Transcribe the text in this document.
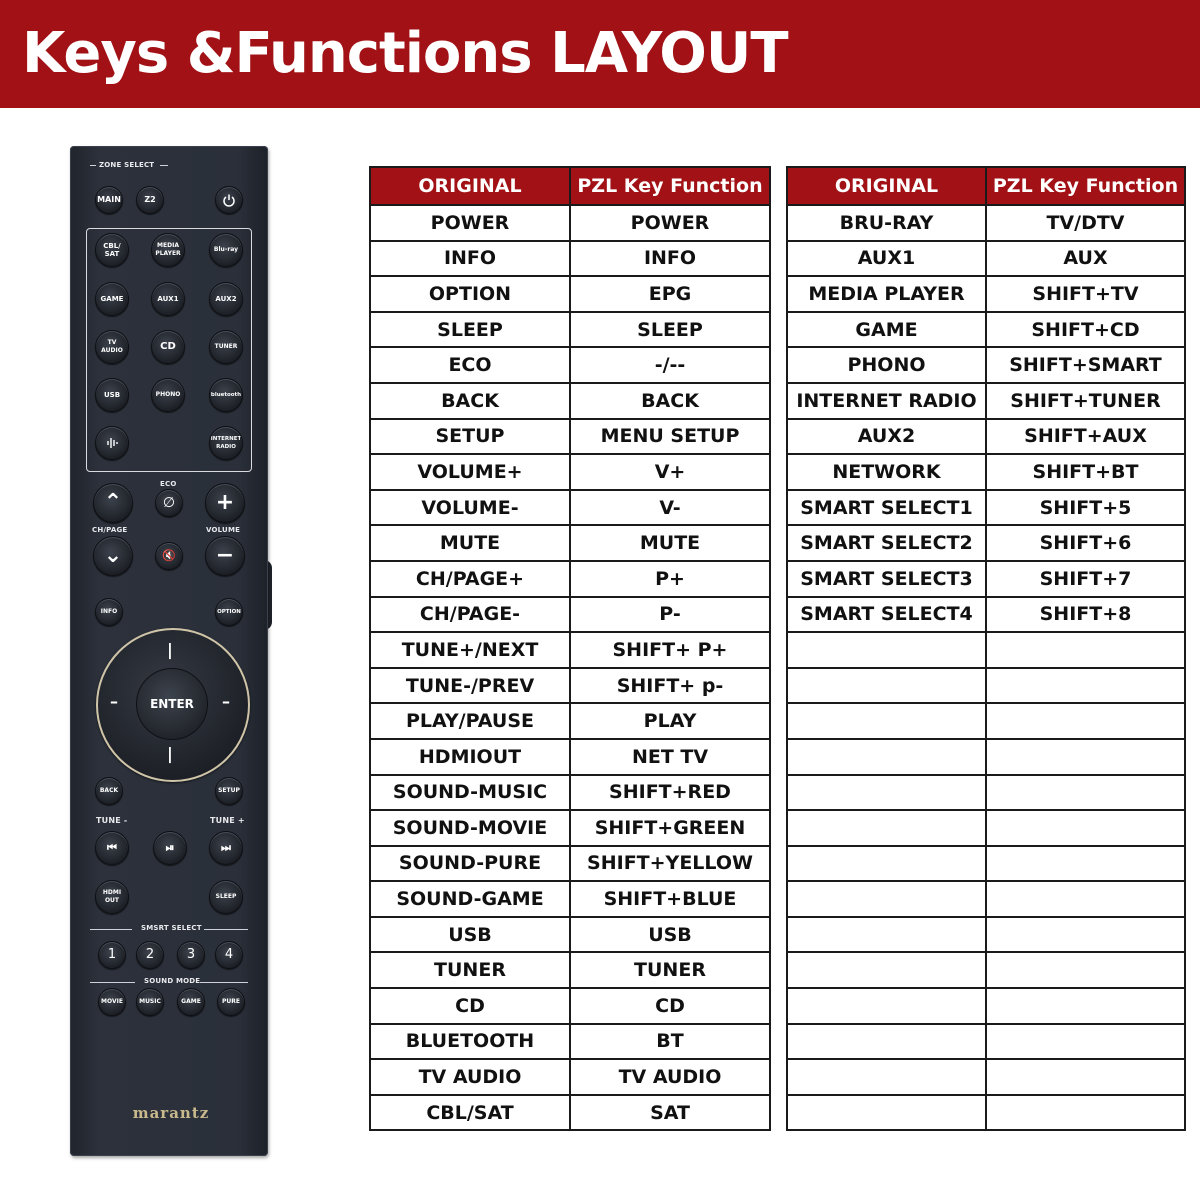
Keys &Functions LAYOUT
ZONE SELECT
MAIN	Z2
CBL/ SAT
MEDIA PLAYER
Blu-ray
GAME	AUX1	AUX2
TV AUDIO	CD	TUNER
USB	PHONO	bluetooth
INTERNET RADIO
ECO
⌃	∅ +
CH/PAGE	VOLUME
⌄	🔇 −
INFO	OPTION
|
|
–	–
ENTER
BACK	SETUP
TUNE -	TUNE +
⏮	⏯	⏭
HDMI OUT
SLEEP
SMSRT SELECT
1	2	3	4
SOUND MODE
MOVIE	MUSIC	GAME	PURE
marantz
ORIGINAL	PZL Key Function
POWER	POWER
INFO	INFO
OPTION	EPG
SLEEP	SLEEP
ECO	-/--
BACK	BACK
SETUP	MENU SETUP
VOLUME+	V+
VOLUME-	V-
MUTE	MUTE
CH/PAGE+	P+
CH/PAGE-	P-
TUNE+/NEXT	SHIFT+ P+
TUNE-/PREV	SHIFT+ p-
PLAY/PAUSE	PLAY
HDMIOUT	NET TV
SOUND-MUSIC	SHIFT+RED
SOUND-MOVIE	SHIFT+GREEN
SOUND-PURE	SHIFT+YELLOW
SOUND-GAME	SHIFT+BLUE
USB	USB
TUNER	TUNER
CD	CD
BLUETOOTH	BT
TV AUDIO	TV AUDIO
CBL/SAT	SAT
ORIGINAL	PZL Key Function
BRU-RAY	TV/DTV
AUX1	AUX
MEDIA PLAYER	SHIFT+TV
GAME	SHIFT+CD
PHONO	SHIFT+SMART
INTERNET RADIO	SHIFT+TUNER
AUX2	SHIFT+AUX
NETWORK	SHIFT+BT
SMART SELECT1	SHIFT+5
SMART SELECT2	SHIFT+6
SMART SELECT3	SHIFT+7
SMART SELECT4	SHIFT+8
